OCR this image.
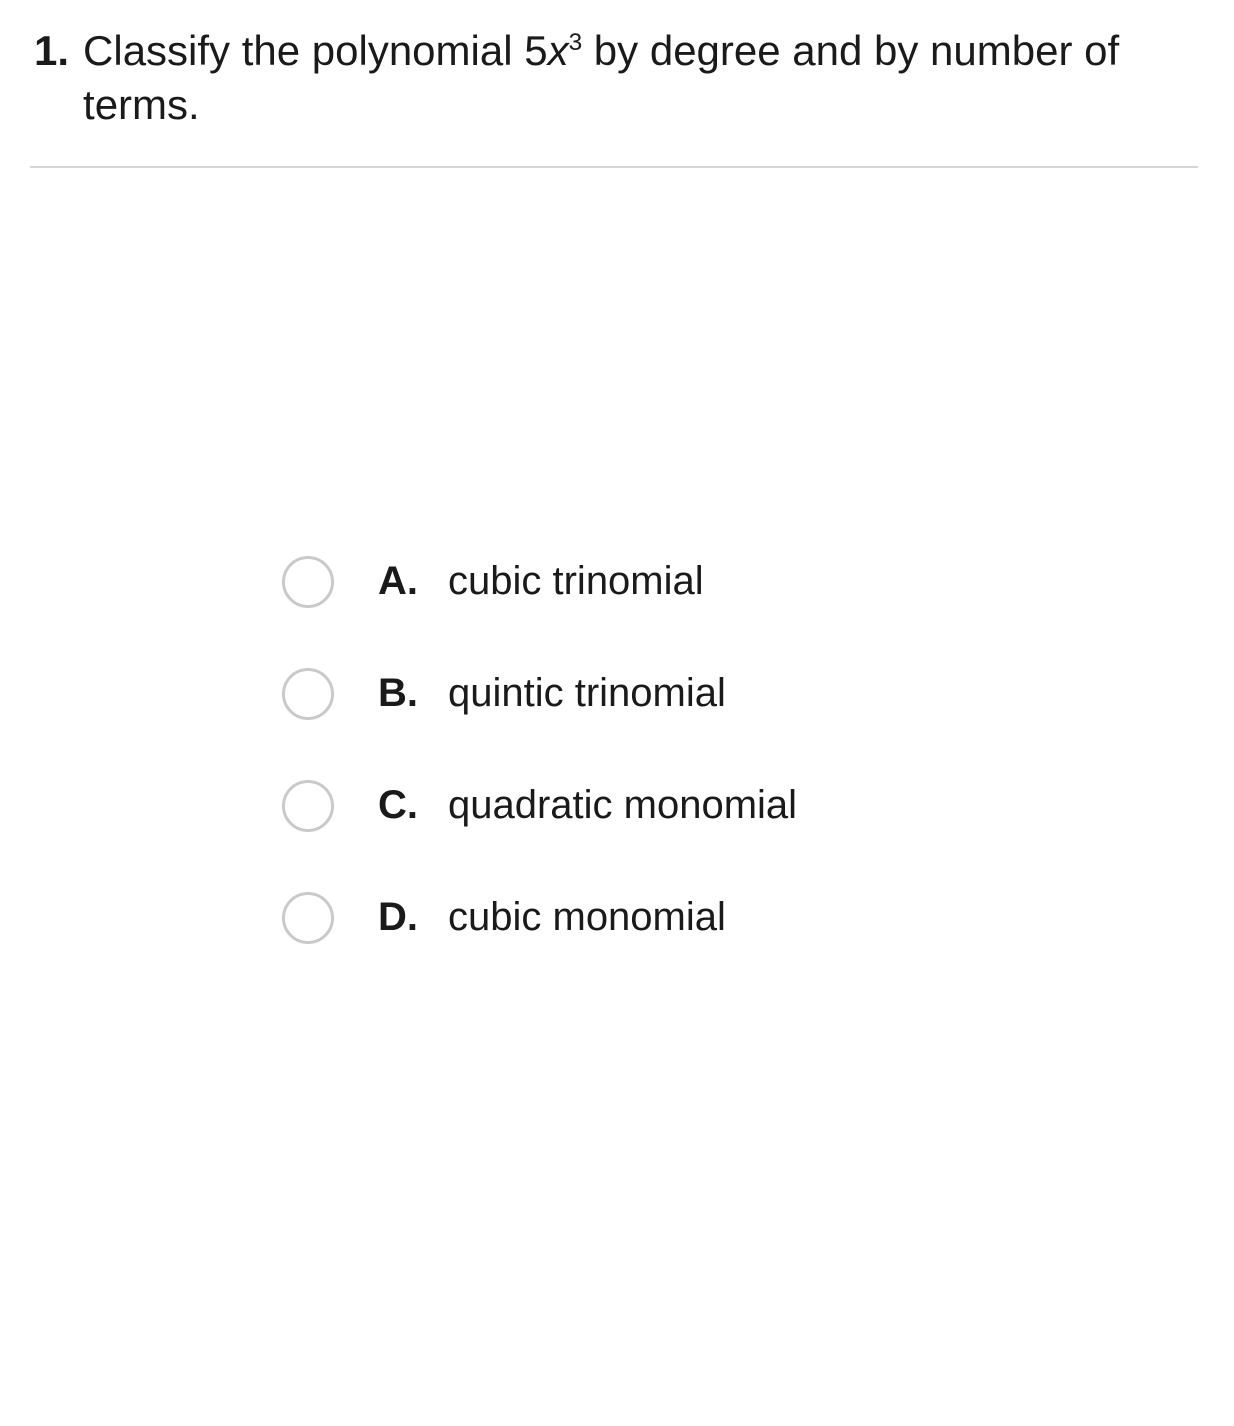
1. Classify the polynomial $5x^3$ by degree and by number of terms.
A. cubic trinomial
B. quintic trinomial
C. quadratic monomial
D. cubic monomial
